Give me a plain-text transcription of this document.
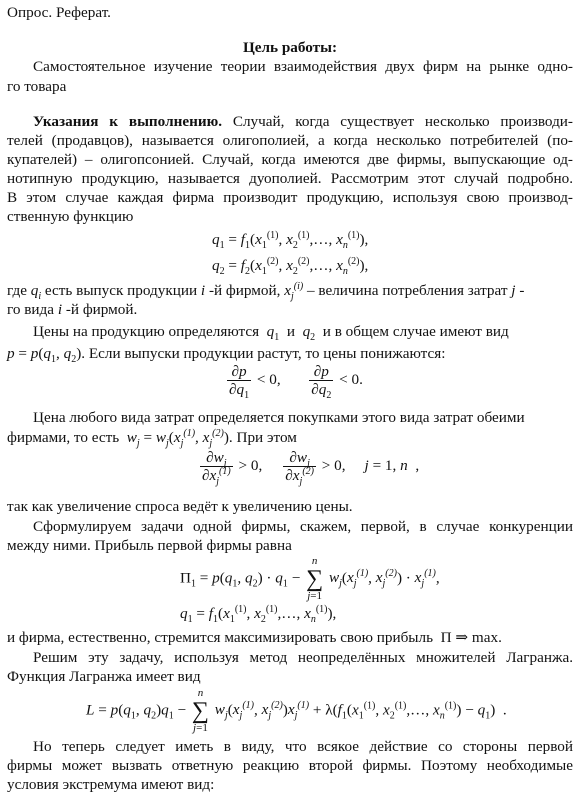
Опрос. Реферат.
Цель работы:
Самостоятельное изучение теории взаимодействия двух фирм на рынке одно-
го товара
Указания к выполнению. Случай, когда существует несколько производи-
телей (продавцов), называется олигополией, а когда несколько потребителей (по-
купателей) – олигопсонией. Случай, когда имеются две фирмы, выпускающие од-
нотипную продукцию, называется дуополией. Рассмотрим этот случай подробно.
В этом случае каждая фирма производит продукцию, используя свою производ-
ственную функцию
$q_1 = f_1(x_1^{(1)}$, $x_2^{(1)},\dots$, $x_n^{(1)}$),
$q_2 = f_2(x_1^{(2)}$, $x_2^{(2)},\dots$, $x_n^{(2)}$),
где $q_i$ есть выпуск продукции i -й фирмой, $x_j^{(i)}$ – величина потребления затрат j -
го вида i -й фирмой.
Цены на продукцию определяются $q_1$ и $q_2$ и в общем случае имеют вид
$p = p(q_1$, $q_2$). Если выпуски продукции растут, то цены понижаются:
$\frac{\partial p}{\partial q_1} < 0$, $\frac{\partial p}{\partial q_2} < 0$.
Цена любого вида затрат определяется покупками этого вида затрат обеими
фирмами, то есть $w_j = w_j(x_j^{(1)}$, $x_j^{(2)}$). При этом
$\frac{\partial w_j}{\partial x_j^{(1)}} > 0$, $\frac{\partial w_j}{\partial x_j^{(2)}} > 0$,     j = 1, n  ,
так как увеличение спроса ведёт к увеличению цены.
Сформулируем задачи одной фирмы, скажем, первой, в случае конкуренции
между ними. Прибыль первой фирмы равна
$\Pi_1 = p(q_1$, $q_2) \cdot q_1 - n$
∑
j=1 $w_j(x_j^{(1)}$, $x_j^{(2)}) \cdot x_j^{(1)}$,
$q_1 = f_1(x_1^{(1)}$, $x_2^{(1)},\dots$, $x_n^{(1)}$),
и фирма, естественно, стремится максимизировать свою прибыль  Π ⇒ max.
Решим эту задачу, используя метод неопределённых множителей Лагранжа.
Функция Лагранжа имеет вид
$L = p(q_1$, $q_2)q_1 - n$
∑
j=1 $w_j(x_j^{(1)}$, $x_j^{(2)})x_j^{(1)} + \lambda(f_1(x_1^{(1)}$, $x_2^{(1)},\dots$, $x_n^{(1)}) - q_1$)  .
Но теперь следует иметь в виду, что всякое действие со стороны первой
фирмы может вызвать ответную реакцию второй фирмы. Поэтому необходимые
условия экстремума имеют вид:
